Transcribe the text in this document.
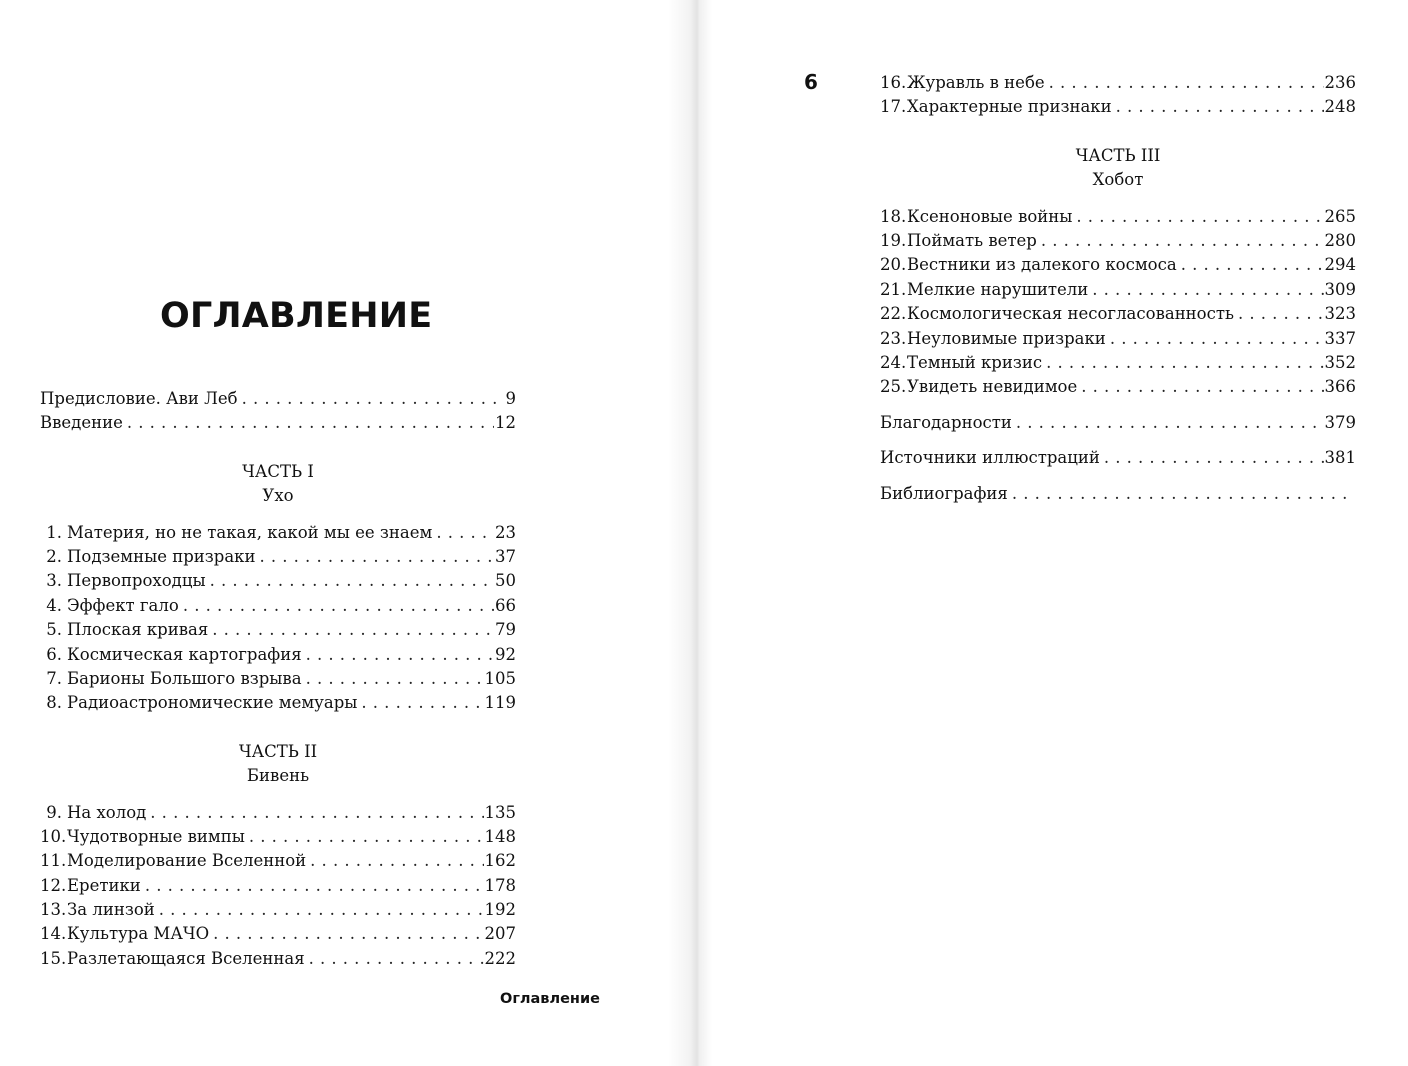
ОГЛАВЛЕНИЕ
Предисловие. Ави Леб . . .	9
Введение . . .	12
ЧАСТЬ I
Ухо
1. Материя, но не такая, какой мы ее знаем . . .	23
2. Подземные призраки . . .	37
3. Первопроходцы . . .	50
4. Эффект гало . . .	66
5. Плоская кривая . . .	79
6. Космическая картография . . .	92
7. Барионы Большого взрыва . . .	105
8. Радиоастрономические мемуары . . .	119
ЧАСТЬ II
Бивень
9. На холод . . .	135
10. Чудотворные вимпы . . .	148
11. Моделирование Вселенной . . .	162
12. Еретики . . .	178
13. За линзой . . .	192
14. Культура МАЧО . . .	207
15. Разлетающаяся Вселенная . . .	222
Оглавление
6	16. Журавль в небе . . .	236
17. Характерные признаки . . .	248
ЧАСТЬ III
Хобот
18. Ксеноновые войны . . .	265
19. Поймать ветер . . .	280
20. Вестники из далекого космоса . . .	294
21. Мелкие нарушители . . .	309
22. Космологическая несогласованность . . .	323
23. Неуловимые призраки . . .	337
24. Темный кризис . . .	352
25. Увидеть невидимое . . .	366
Благодарности . . .	379
Источники иллюстраций . . .	381
Библиография
. . .
